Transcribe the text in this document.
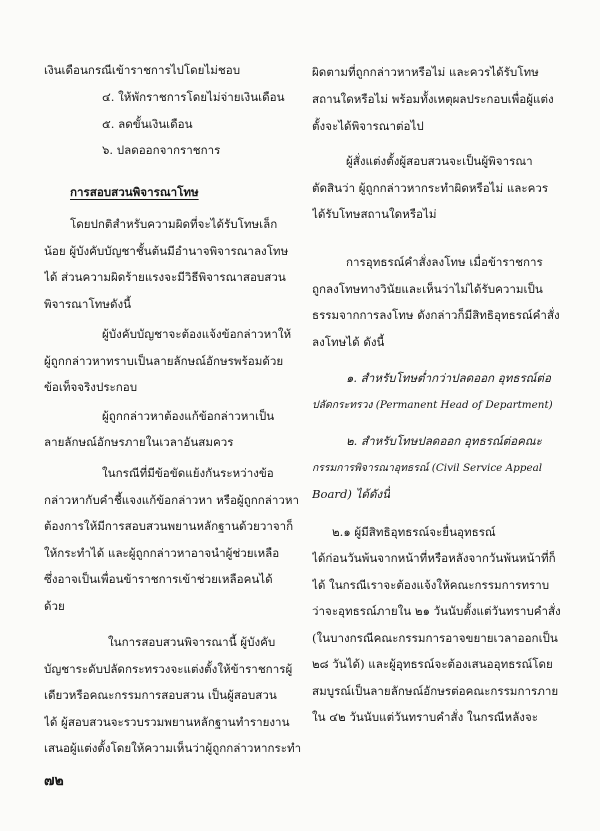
เงินเดือนกรณีเข้าราชการไปโดยไม่ชอบ
๔. ให้พักราชการโดยไม่จ่ายเงินเดือน
๕. ลดขั้นเงินเดือน
๖. ปลดออกจากราชการ
การสอบสวนพิจารณาโทษ
โดยปกติสำหรับความผิดที่จะได้รับโทษเล็ก
น้อย ผู้บังคับบัญชาชั้นต้นมีอำนาจพิจารณาลงโทษ
ได้ ส่วนความผิดร้ายแรงจะมีวิธีพิจารณาสอบสวน
พิจารณาโทษดังนี้
ผู้บังคับบัญชาจะต้องแจ้งข้อกล่าวหาให้
ผู้ถูกกล่าวหาทราบเป็นลายลักษณ์อักษรพร้อมด้วย
ข้อเท็จจริงประกอบ
ผู้ถูกกล่าวหาต้องแก้ข้อกล่าวหาเป็น
ลายลักษณ์อักษรภายในเวลาอันสมควร
ในกรณีที่มีข้อขัดแย้งกันระหว่างข้อ
กล่าวหากับคำชี้แจงแก้ข้อกล่าวหา หรือผู้ถูกกล่าวหา
ต้องการให้มีการสอบสวนพยานหลักฐานด้วยวาจาก็
ให้กระทำได้ และผู้ถูกกล่าวหาอาจนำผู้ช่วยเหลือ
ซึ่งอาจเป็นเพื่อนข้าราชการเข้าช่วยเหลือคนได้
ด้วย
ในการสอบสวนพิจารณานี้ ผู้บังคับ
บัญชาระดับปลัดกระทรวงจะแต่งตั้งให้ข้าราชการผู้
เดียวหรือคณะกรรมการสอบสวน เป็นผู้สอบสวน
ได้ ผู้สอบสวนจะรวบรวมพยานหลักฐานทำรายงาน
เสนอผู้แต่งตั้งโดยให้ความเห็นว่าผู้ถูกกล่าวหากระทำ
ผิดตามที่ถูกกล่าวหาหรือไม่ และควรได้รับโทษ
สถานใดหรือไม่ พร้อมทั้งเหตุผลประกอบเพื่อผู้แต่ง
ตั้งจะได้พิจารณาต่อไป
ผู้สั่งแต่งตั้งผู้สอบสวนจะเป็นผู้พิจารณา
ตัดสินว่า ผู้ถูกกล่าวหากระทำผิดหรือไม่ และควร
ได้รับโทษสถานใดหรือไม่
การอุทธรณ์คำสั่งลงโทษ เมื่อข้าราชการ
ถูกลงโทษทางวินัยและเห็นว่าไม่ได้รับความเป็น
ธรรมจากการลงโทษ ดังกล่าวก็มีสิทธิอุทธรณ์คำสั่ง
ลงโทษได้ ดังนี้
๑. สำหรับโทษต่ำกว่าปลดออก อุทธรณ์ต่อ
ปลัดกระทรวง (Permanent Head of Department)
๒. สำหรับโทษปลดออก อุทธรณ์ต่อคณะ
กรรมการพิจารณาอุทธรณ์ (Civil Service Appeal
Board) ได้ดังนี้
๒.๑ ผู้มีสิทธิอุทธรณ์จะยื่นอุทธรณ์
ได้ก่อนวันพ้นจากหน้าที่หรือหลังจากวันพ้นหน้าที่ก็
ได้ ในกรณีเราจะต้องแจ้งให้คณะกรรมการทราบ
ว่าจะอุทธรณ์ภายใน ๒๑ วันนับตั้งแต่วันทราบคำสั่ง
(ในบางกรณีคณะกรรมการอาจขยายเวลาออกเป็น
๒๘ วันได้) และผู้อุทธรณ์จะต้องเสนออุทธรณ์โดย
สมบูรณ์เป็นลายลักษณ์อักษรต่อคณะกรรมการภาย
ใน ๔๒ วันนับแต่วันทราบคำสั่ง ในกรณีหลังจะ
๗๒
